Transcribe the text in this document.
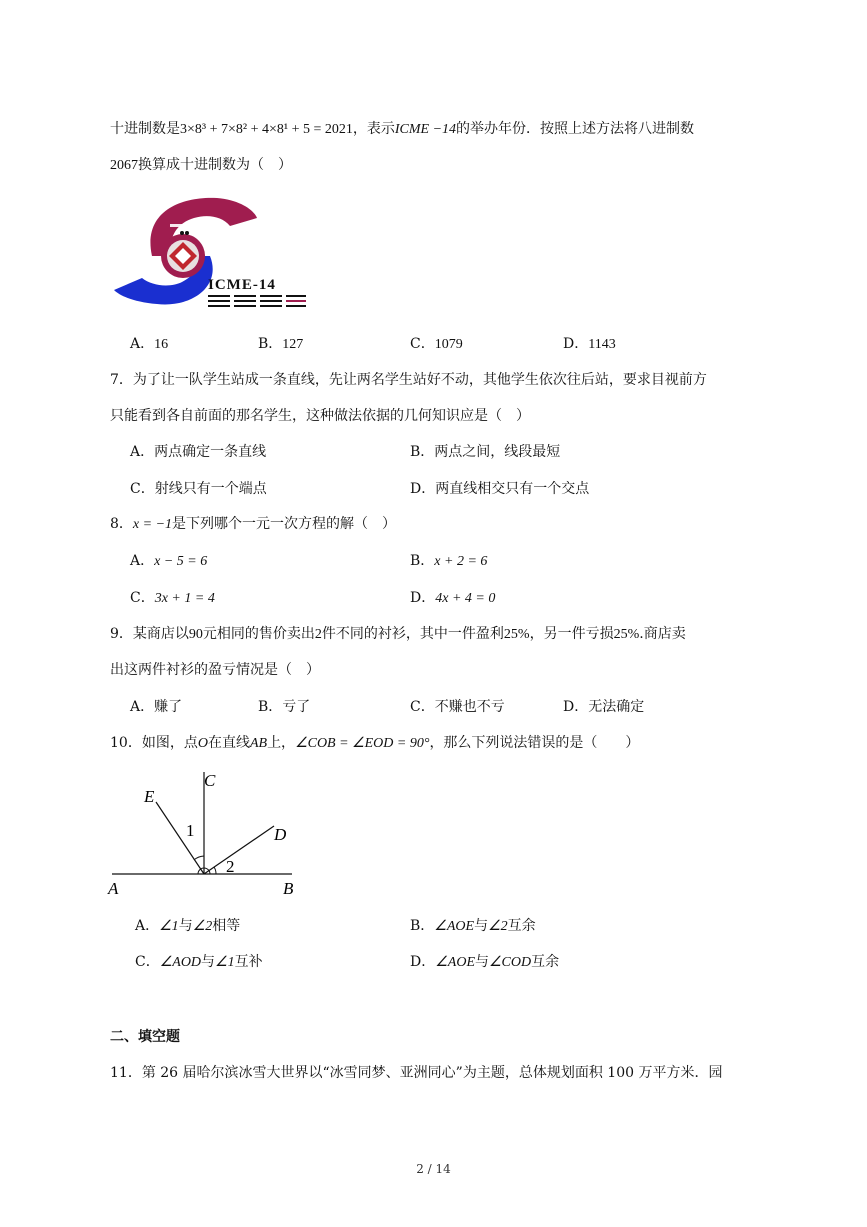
十进制数是3×8³ + 7×8² + 4×8¹ + 5 = 2021，表示ICME −14的举办年份．按照上述方法将八进制数
2067换算成十进制数为（　）
ICME-14
A．16	B．127	C．1079	D．1143
7．为了让一队学生站成一条直线，先让两名学生站好不动，其他学生依次往后站，要求目视前方
只能看到各自前面的那名学生，这种做法依据的几何知识应是（　）
A．两点确定一条直线	B．两点之间，线段最短
C．射线只有一个端点	D．两直线相交只有一个交点
8．x = −1是下列哪个一元一次方程的解（　）
A．x − 5 = 6	B．x + 2 = 6
C．3x + 1 = 4	D．4x + 4 = 0
9．某商店以90元相同的售价卖出2件不同的衬衫，其中一件盈利25%，另一件亏损25%.商店卖
出这两件衬衫的盈亏情况是（　）
A．赚了	B．亏了	C．不赚也不亏	D．无法确定
10．如图，点O在直线AB上，∠COB = ∠EOD = 90°，那么下列说法错误的是（　　）
E
C
D
A	B
1
2
A．∠1与∠2相等	B．∠AOE与∠2互余
C．∠AOD与∠1互补	D．∠AOE与∠COD互余
二、填空题
11．第 26 届哈尔滨冰雪大世界以“冰雪同梦、亚洲同心”为主题，总体规划面积 100 万平方米．园
2 / 14
